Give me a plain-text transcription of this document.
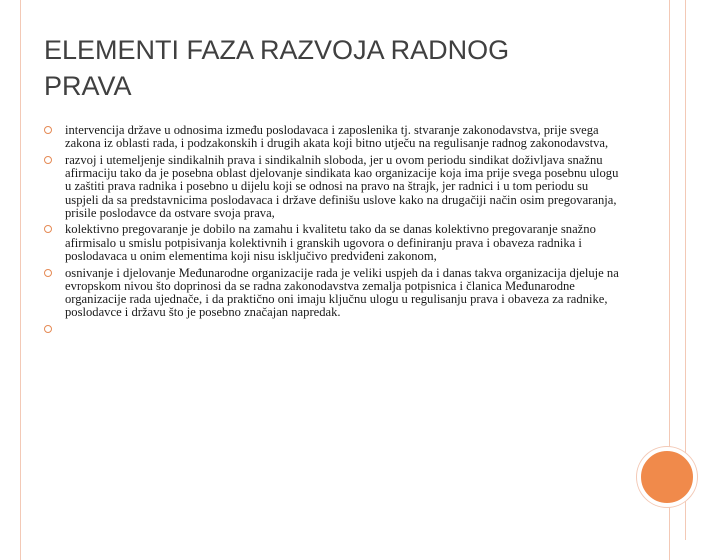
ELEMENTI FAZA RAZVOJA RADNOG PRAVA
intervencija države u odnosima između poslodavaca i zaposlenika tj. stvaranje zakonodavstva, prije svega zakona iz oblasti rada, i podzakonskih i drugih akata koji bitno utječu na regulisanje radnog zakonodavstva,
razvoj i utemeljenje sindikalnih prava i sindikalnih sloboda, jer u ovom periodu sindikat doživljava snažnu afirmaciju tako da je posebna oblast djelovanje sindikata kao organizacije koja ima prije svega posebnu ulogu u zaštiti prava radnika i posebno u dijelu koji se odnosi na pravo na štrajk, jer radnici i u tom periodu su uspjeli da sa predstavnicima poslodavaca i države definišu uslove kako na drugačiji način osim pregovaranja, prisile poslodavce da ostvare svoja prava,
kolektivno pregovaranje je dobilo na zamahu i kvalitetu tako da se danas kolektivno pregovaranje snažno afirmisalo u smislu potpisivanja kolektivnih i granskih ugovora o definiranju prava i obaveza radnika i poslodavaca u onim elementima koji nisu isključivo predviđeni zakonom,
osnivanje i djelovanje Međunarodne organizacije rada je veliki uspjeh da i danas takva organizacija djeluje na evropskom nivou što doprinosi da se radna zakonodavstva zemalja potpisnica i članica Međunarodne organizacije rada ujednače, i da praktično oni imaju ključnu ulogu u regulisanju prava i obaveza za radnike, poslodavce i državu što je posebno značajan napredak.
